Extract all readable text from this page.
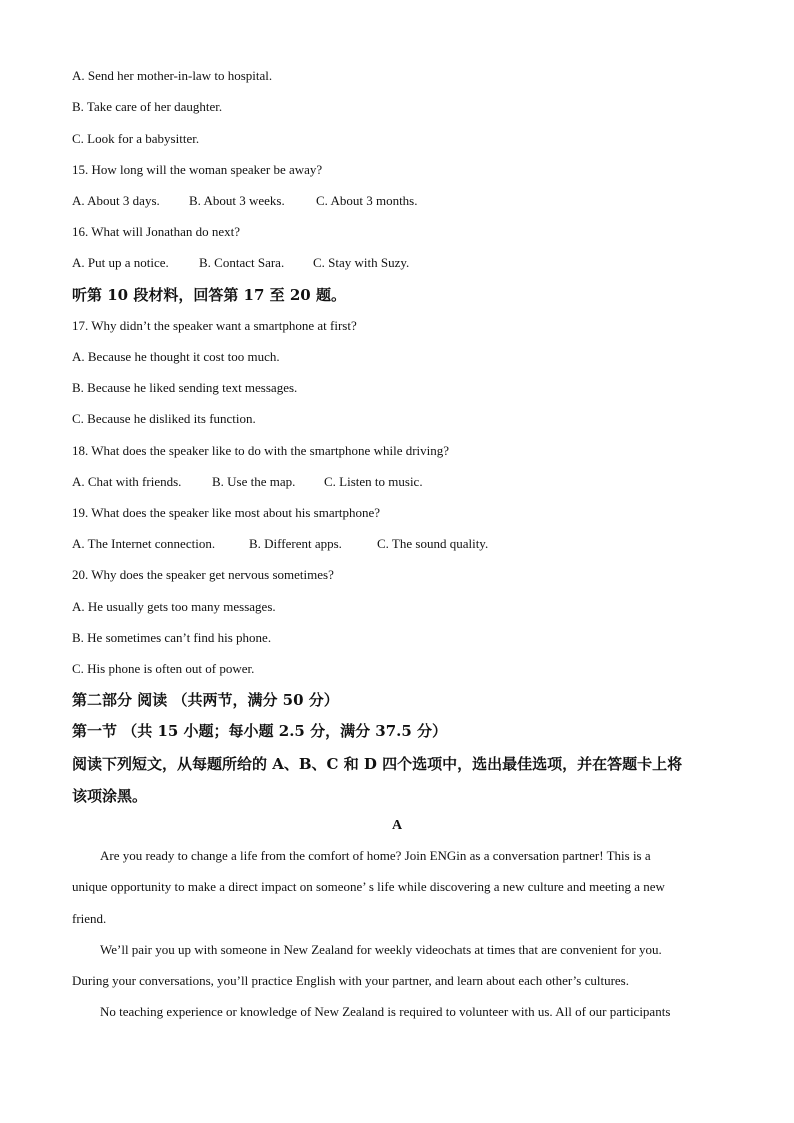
A. Send her mother-in-law to hospital.
B. Take care of her daughter.
C. Look for a babysitter.
15. How long will the woman speaker be away?
A. About 3 days. B. About 3 weeks. C. About 3 months.
16. What will Jonathan do next?
A. Put up a notice. B. Contact Sara. C. Stay with Suzy.
听第 10 段材料，回答第 17 至 20 题。
17. Why didn’t the speaker want a smartphone at first?
A. Because he thought it cost too much.
B. Because he liked sending text messages.
C. Because he disliked its function.
18. What does the speaker like to do with the smartphone while driving?
A. Chat with friends. B. Use the map. C. Listen to music.
19. What does the speaker like most about his smartphone?
A. The Internet connection.	B. Different apps.	C. The sound quality.
20. Why does the speaker get nervous sometimes?
A. He usually gets too many messages.
B. He sometimes can’t find his phone.
C. His phone is often out of power.
第二部分 阅读 （共两节，满分 50 分）
第一节 （共 15 小题；每小题 2.5 分，满分 37.5 分）
阅读下列短文，从每题所给的 A、B、C 和 D 四个选项中，选出最佳选项，并在答题卡上将
该项涂黑。
A
Are you ready to change a life from the comfort of home? Join ENGin as a conversation partner! This is a
unique opportunity to make a direct impact on someone’ s life while discovering a new culture and meeting a new
friend.
We’ll pair you up with someone in New Zealand for weekly videochats at times that are convenient for you.
During your conversations, you’ll practice English with your partner, and learn about each other’s cultures.
No teaching experience or knowledge of New Zealand is required to volunteer with us. All of our participants
